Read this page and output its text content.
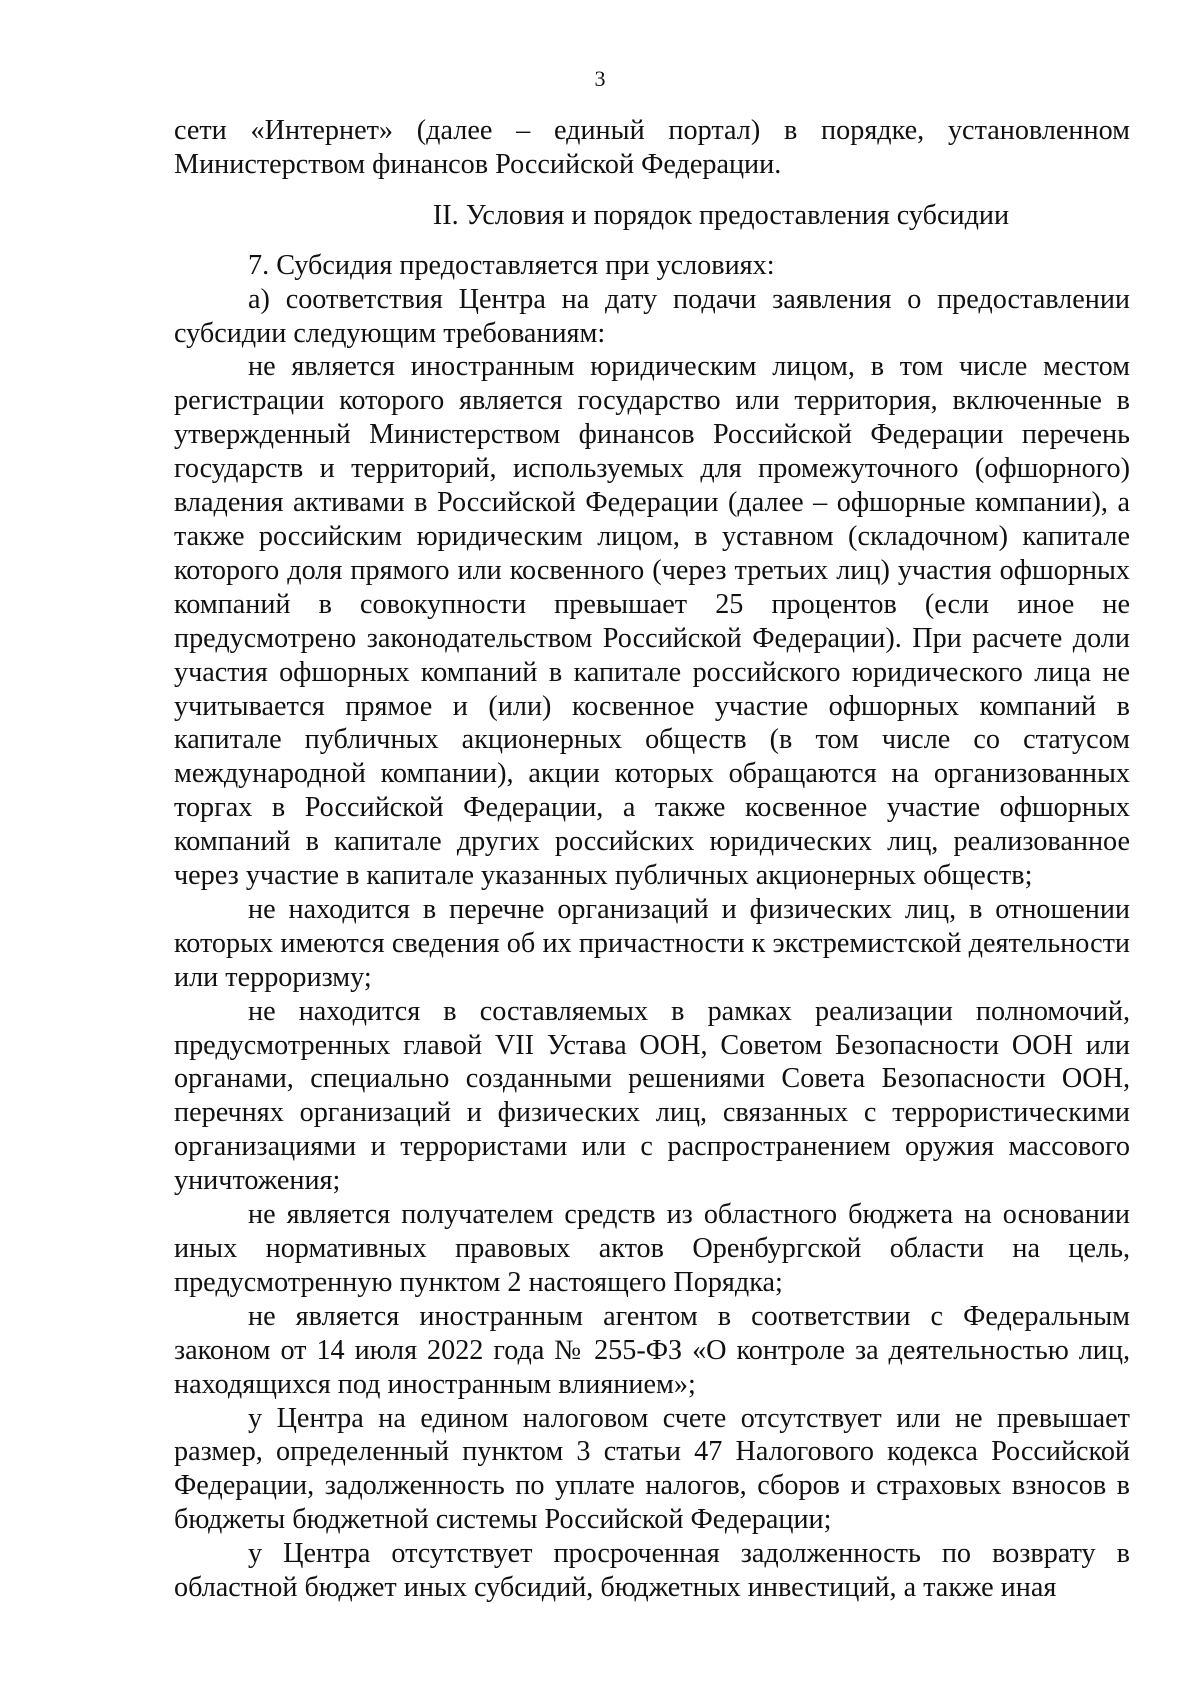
3

сети «Интернет» (далее – единый портал) в порядке, установленном Министерством финансов Российской Федерации.

II. Условия и порядок предоставления субсидии

7. Субсидия предоставляется при условиях:

а) соответствия Центра на дату подачи заявления о предоставлении субсидии следующим требованиям:

не является иностранным юридическим лицом, в том числе местом регистрации которого является государство или территория, включенные в утвержденный Министерством финансов Российской Федерации перечень государств и территорий, используемых для промежуточного (офшорного) владения активами в Российской Федерации (далее – офшорные компании), а также российским юридическим лицом, в уставном (складочном) капитале которого доля прямого или косвенного (через третьих лиц) участия офшорных компаний в совокупности превышает 25 процентов (если иное не предусмотрено законодательством Российской Федерации). При расчете доли участия офшорных компаний в капитале российского юридического лица не учитывается прямое и (или) косвенное участие офшорных компаний в капитале публичных акционерных обществ (в том числе со статусом международной компании), акции которых обращаются на организованных торгах в Российской Федерации, а также косвенное участие офшорных компаний в капитале других российских юридических лиц, реализованное через участие в капитале указанных публичных акционерных обществ;

не находится в перечне организаций и физических лиц, в отношении которых имеются сведения об их причастности к экстремистской деятельности или терроризму;

не находится в составляемых в рамках реализации полномочий, предусмотренных главой VII Устава ООН, Советом Безопасности ООН или органами, специально созданными решениями Совета Безопасности ООН, перечнях организаций и физических лиц, связанных с террористическими организациями и террористами или с распространением оружия массового уничтожения;

не является получателем средств из областного бюджета на основании иных нормативных правовых актов Оренбургской области на цель, предусмотренную пунктом 2 настоящего Порядка;

не является иностранным агентом в соответствии с Федеральным законом от 14 июля 2022 года № 255-ФЗ «О контроле за деятельностью лиц, находящихся под иностранным влиянием»;

у Центра на едином налоговом счете отсутствует или не превышает размер, определенный пунктом 3 статьи 47 Налогового кодекса Российской Федерации, задолженность по уплате налогов, сборов и страховых взносов в бюджеты бюджетной системы Российской Федерации;

у Центра отсутствует просроченная задолженность по возврату в областной бюджет иных субсидий, бюджетных инвестиций, а также иная
